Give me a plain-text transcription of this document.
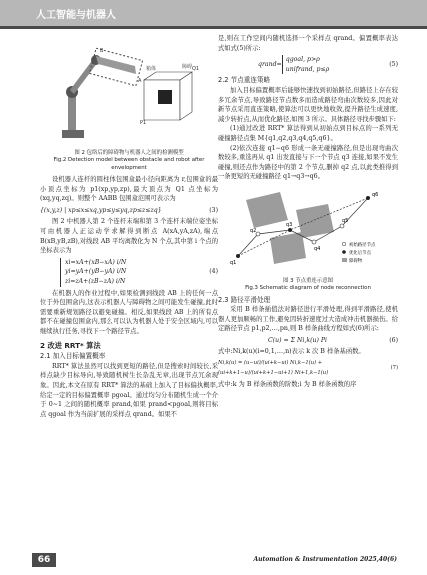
人工智能与机器人
B
A
箱体	障碍
P1
Q1
图 2 包络后的障碍物与机器人之间的检测模型
Fig.2 Detection model between obstacle and robot after envelopment

设机器人连杆的圆柱体包围盒最小径向距离为 r,包围盒的最小顶点坐标为 p1(xp,yp,zp),最大顶点为 Q1 点坐标为(xq,yq,zq)。则整个 AABB 包围盒范围可表示为

{(x,y,z) | xp≤x≤xq,yp≤y≤yq,zp≤z≤zq}	(3)

图 2 中机器人第 2 个连杆末端和第 3 个连杆末端位姿坐标可由机器人正运动学求解得到断点 A(xA,yA,zA),端点 B(xB,yB,zB),对线段 AB 平均离散化为 N 个点,其中第 i 个点的坐标表示为

xi=xA+(xB−xA) i/N
yi=yA+(yB−yA) i/N
zi=zA+(zB−zA) i/N
(4)

在机器人的作业过程中,如果检测到线段 AB 上的任何一点位于外包围盒内,这表示机器人与障碍物之间可能发生碰撞,此时需要重新规划路径以避免碰撞。相反,如果线段 AB 上的所有点都不在碰撞包围盒内,那么可以认为机器人处于安全区域内,可以继续执行任务,寻找下一个路径节点。

2 改进 RRT* 算法
2.1 加入目标偏置概率

RRT* 算法虽然可以找到更短的路径,但是搜索时间较长,采样点缺少目标导向,导致随机树生长杂乱无章,出现节点冗余现象。因此,本文在原有 RRT* 算法的基础上加入了目标偏执概率,给定一定的目标偏置概率 pgoal。通过均匀分布随机生成一个介于 0~1 之间的随机概率 prand,如果 prand<pgoal,则将目标点 qgoal 作为当前扩展的采样点 qrand。如果不

是,则在工作空间内随机选择一个采样点 qrand。偏置概率表达式如式(5)所示:

qrand=
qgoal, p>ρ
unifrand, p≤ρ
(5)
2.2 节点重连策略

加入目标偏置概率后能够快速找到初始路径,但路径上存在较多冗余节点,导致路径节点数多而造成路径弯曲次数较多,因此对新节点采用直连策略,使算法可以更快地收敛,提升路径生成速度,减少转折点,从而优化路径,如图 3 所示。具体路径寻找步骤如下:

(1)通过改进 RRT* 算法得到从初始点到目标点的一系列无碰撞路径点集 M{q1,q2,q3,q4,q5,q6}。

(2)依次连接 q1−q6 形成一条无碰撞路径,但是出现弯曲次数较多,重选再从 q1 出发直接与下一个节点 q3 连接,如果不发生碰撞,则还点作为路径中的第 2 个节点,删掉 q2 点,以此类推得到一条更短的无碰撞路径 q1→q3→q6。

q1
q2
q3
q4
q5
q6
初始路径节点
优化后节点
障碍物
图 3 节点重连示意图
Fig.3 Schematic diagram of node reconnection
2.3 路径平滑处理

采用 B 样条插值法对路径进行平滑处理,得到平滑路径,使机器人更加顺畅的工作,避免因转折速度过大造成冲击机器损伤。给定路径节点 p1,p2,…,pn,则 B 样条曲线方程如式(6)所示:

C(u) = Σ Ni,k(u) Pi	(6)

式中:Ni,k(u)(i=0,1,…,n)表示 k 次 B 样条基函数。

Ni,k(u) = (u−ui)/(ui+k−ui) Ni,k−1(u) + (ui+k+1−u)/(ui+k+1−ui+1) Ni+1,k−1(u)
(7)

式中:k 为 B 样条函数的阶数;i 为 B 样条函数的序

66	Automation & Instrumentation 2025,40(6)
